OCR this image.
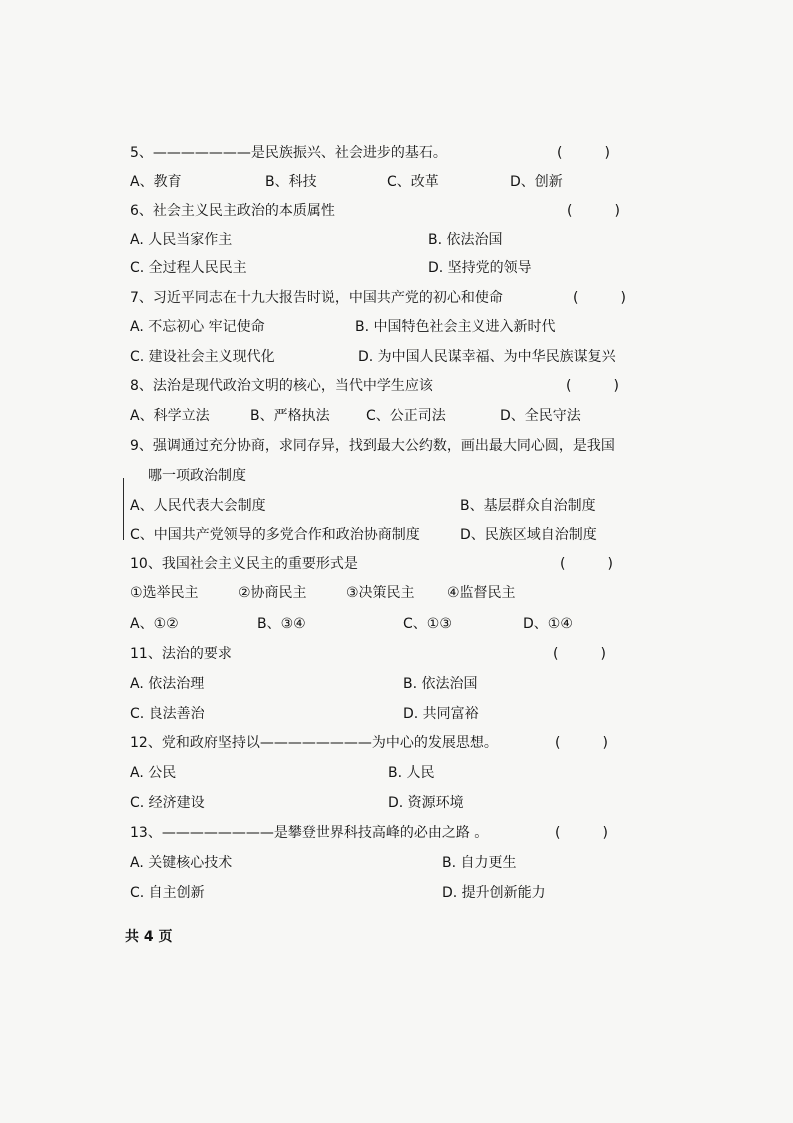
5、———————是民族振兴、社会进步的基石。	(　　　)
A、教育	B、科技	C、改革	D、创新
6、社会主义民主政治的本质属性	(　　　)
A. 人民当家作主	B. 依法治国
C. 全过程人民民主	D. 坚持党的领导
7、习近平同志在十九大报告时说，中国共产党的初心和使命	(　　　)
A. 不忘初心 牢记使命	B. 中国特色社会主义进入新时代
C. 建设社会主义现代化	D. 为中国人民谋幸福、为中华民族谋复兴
8、法治是现代政治文明的核心，当代中学生应该	(　　　)
A、科学立法	B、严格执法	C、公正司法	D、全民守法
9、强调通过充分协商，求同存异，找到最大公约数，画出最大同心圆，是我国
哪一项政治制度
A、人民代表大会制度	B、基层群众自治制度
C、中国共产党领导的多党合作和政治协商制度	D、民族区域自治制度
10、我国社会主义民主的重要形式是	(　　　)
①选举民主	②协商民主	③决策民主 ④监督民主
A、①②	B、③④	C、①③	D、①④
11、法治的要求	(　　　)
A. 依法治理	B. 依法治国
C. 良法善治	D. 共同富裕
12、党和政府坚持以————————为中心的发展思想。	(　　　)
A. 公民	B. 人民
C. 经济建设	D. 资源环境
13、————————是攀登世界科技高峰的必由之路 。	(　　　)
A. 关键核心技术	B. 自力更生
C. 自主创新	D. 提升创新能力
共 4 页
